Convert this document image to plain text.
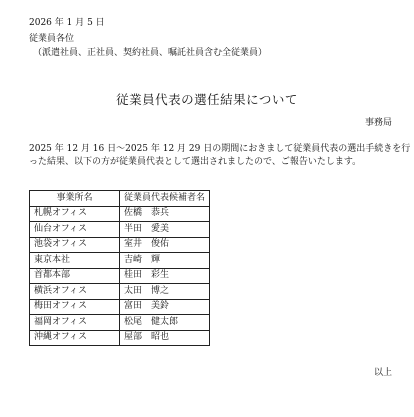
2026 年 1 月 5 日
従業員各位
（派遣社員、正社員、契約社員、嘱託社員含む全従業員）
従業員代表の選任結果について
事務局
2025 年 12 月 16 日～2025 年 12 月 29 日の期間におきまして従業員代表の選出手続きを行
った結果、以下の方が従業員代表として選出されましたので、ご報告いたします。
事業所名	従業員代表候補者名
札幌オフィス	佐橋　恭兵
仙台オフィス	半田　愛美
池袋オフィス	室井　俊佑
東京本社	吉崎　輝
首都本部	桂田　彩生
横浜オフィス	太田　博之
梅田オフィス	富田　美鈴
福岡オフィス	松尾　健太郎
沖縄オフィス	屋部　昭也
以上
